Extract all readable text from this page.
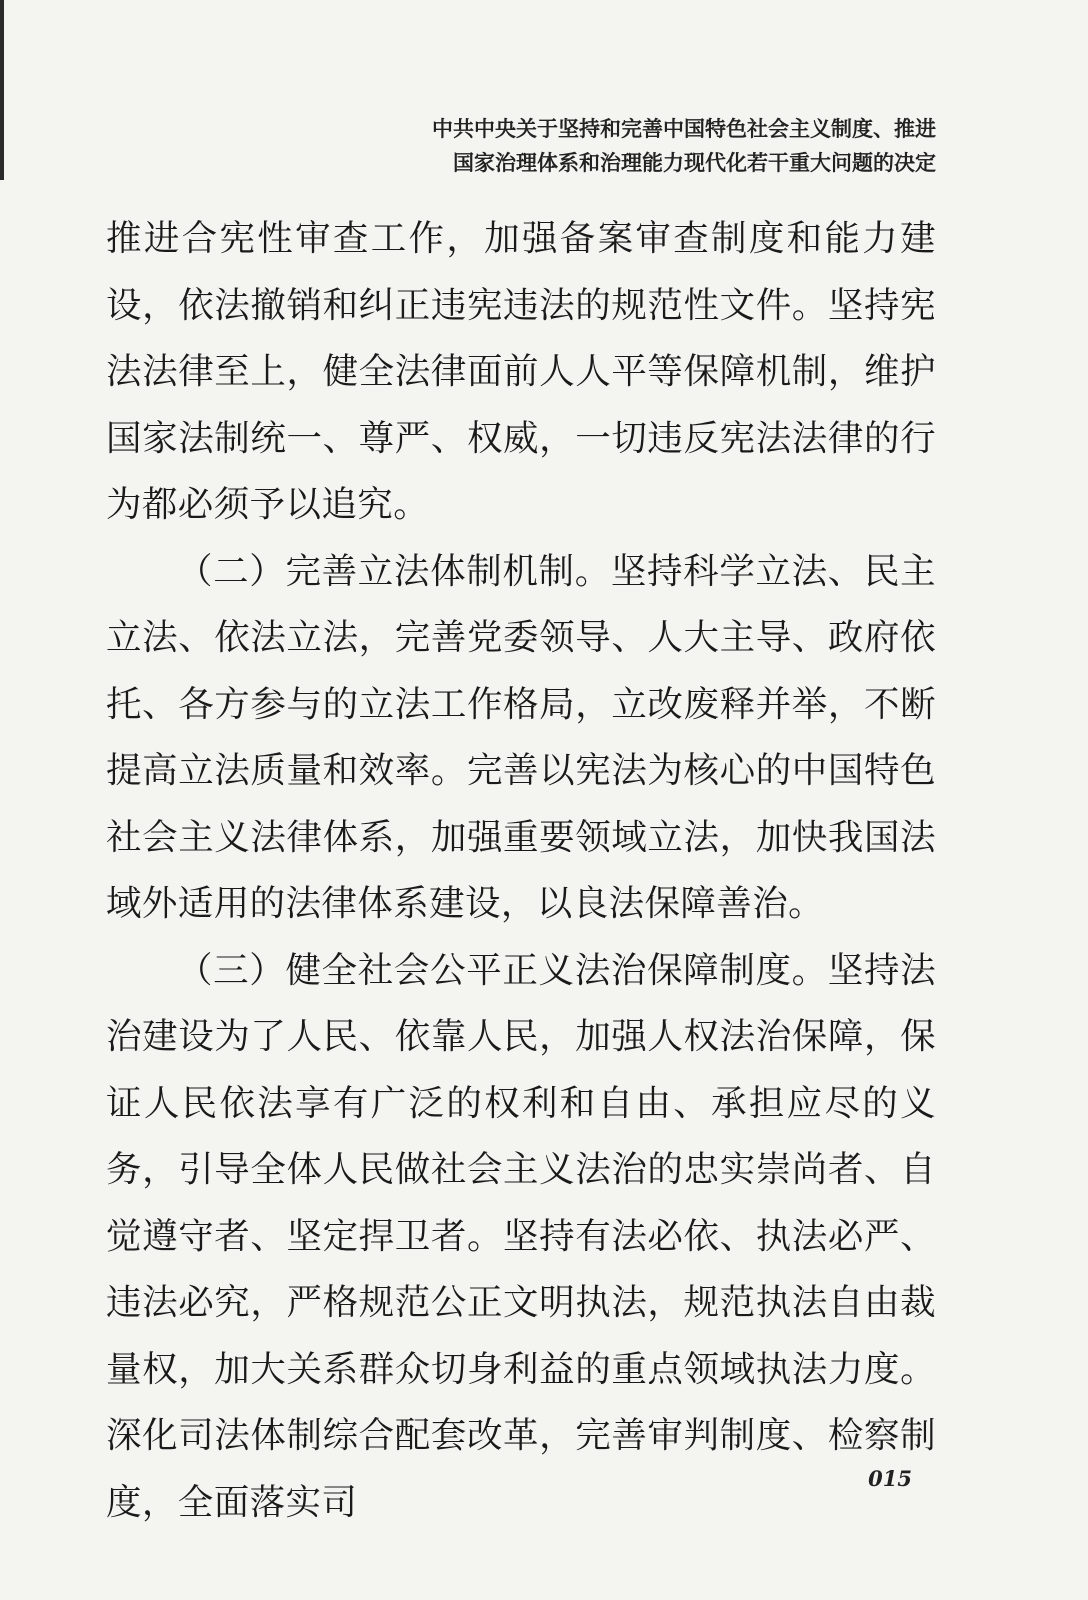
中共中央关于坚持和完善中国特色社会主义制度、推进
国家治理体系和治理能力现代化若干重大问题的决定

推进合宪性审查工作，加强备案审查制度和能力建设，依法撤销和纠正违宪违法的规范性文件。坚持宪法法律至上，健全法律面前人人平等保障机制，维护国家法制统一、尊严、权威，一切违反宪法法律的行为都必须予以追究。

（二）完善立法体制机制。坚持科学立法、民主立法、依法立法，完善党委领导、人大主导、政府依托、各方参与的立法工作格局，立改废释并举，不断提高立法质量和效率。完善以宪法为核心的中国特色社会主义法律体系，加强重要领域立法，加快我国法域外适用的法律体系建设，以良法保障善治。

（三）健全社会公平正义法治保障制度。坚持法治建设为了人民、依靠人民，加强人权法治保障，保证人民依法享有广泛的权利和自由、承担应尽的义务，引导全体人民做社会主义法治的忠实崇尚者、自觉遵守者、坚定捍卫者。坚持有法必依、执法必严、违法必究，严格规范公正文明执法，规范执法自由裁量权，加大关系群众切身利益的重点领域执法力度。深化司法体制综合配套改革，完善审判制度、检察制度，全面落实司

015
